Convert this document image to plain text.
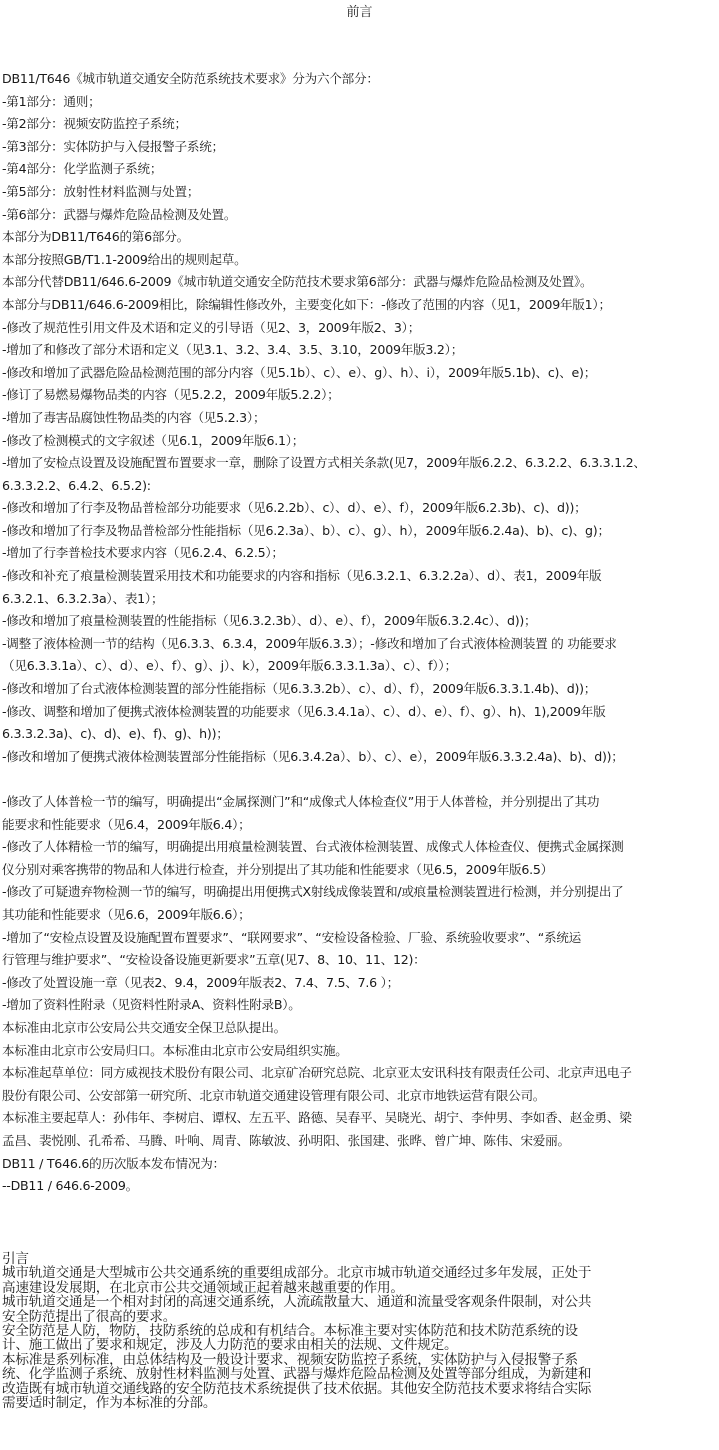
前言
DB11/T646《城市轨道交通安全防范系统技术要求》分为六个部分：
-第1部分：通则；
-第2部分：视频安防监控子系统；
-第3部分：实体防护与入侵报警子系统；
-第4部分：化学监测子系统；
-第5部分：放射性材料监测与处置；
-第6部分：武器与爆炸危险品检测及处置。
本部分为DB11/T646的第6部分。
本部分按照GB/T1.1-2009给出的规则起草。
本部分代替DB11/646.6-2009《城市轨道交通安全防范技术要求第6部分：武器与爆炸危险品检测及处置》。
本部分与DB11/646.6-2009相比，除编辑性修改外，主要变化如下：-修改了范围的内容（见1，2009年版1）；
-修改了规范性引用文件及术语和定义的引导语（见2、3，2009年版2、3）；
-增加了和修改了部分术语和定义（见3.1、3.2、3.4、3.5、3.10，2009年版3.2）；
-修改和增加了武器危险品检测范围的部分内容（见5.1b）、c）、e）、g）、h）、i），2009年版5.1b)、c)、e)；
-修订了易燃易爆物品类的内容（见5.2.2，2009年版5.2.2）；
-增加了毒害品腐蚀性物品类的内容（见5.2.3）；
-修改了检测模式的文字叙述（见6.1，2009年版6.1）；
-增加了安检点设置及设施配置布置要求一章，删除了设置方式相关条款(见7，2009年版6.2.2、6.3.2.2、6.3.3.1.2、
6.3.3.2.2、6.4.2、6.5.2):
-修改和增加了行李及物品普检部分功能要求（见6.2.2b）、c）、d）、e）、f），2009年版6.2.3b)、c)、d))；
-修改和增加了行李及物品普检部分性能指标（见6.2.3a）、b）、c）、g）、h），2009年版6.2.4a)、b)、c)、g)；
-增加了行李普检技术要求内容（见6.2.4、6.2.5）；
-修改和补充了痕量检测装置采用技术和功能要求的内容和指标（见6.3.2.1、6.3.2.2a）、d）、表1，2009年版
6.3.2.1、6.3.2.3a）、表1）；
-修改和增加了痕量检测装置的性能指标（见6.3.2.3b）、d）、e）、f），2009年版6.3.2.4c）、d))；
-调整了液体检测一节的结构（见6.3.3、6.3.4，2009年版6.3.3）；-修改和增加了台式液体检测装置 的 功能要求
（见6.3.3.1a）、c）、d）、e）、f）、g）、j）、k），2009年版6.3.3.1.3a）、c）、f））；
-修改和增加了台式液体检测装置的部分性能指标（见6.3.3.2b）、c）、d）、f），2009年版6.3.3.1.4b)、d))；
-修改、调整和增加了便携式液体检测装置的功能要求（见6.3.4.1a）、c）、d）、e）、f）、g）、h)、1),2009年版
6.3.3.2.3a)、c)、d)、e)、f)、g)、h))；
-修改和增加了便携式液体检测装置部分性能指标（见6.3.4.2a）、b）、c）、e），2009年版6.3.3.2.4a)、b)、d))；
-修改了人体普检一节的编写，明确提出“金属探测门”和“成像式人体检查仪”用于人体普检，并分别提出了其功
能要求和性能要求（见6.4，2009年版6.4）；
-修改了人体精检一节的编写，明确提出用痕量检测装置、台式液体检测装置、成像式人体检查仪、便携式金属探测
仪分别对乘客携带的物品和人体进行检查，并分别提出了其功能和性能要求（见6.5，2009年版6.5）
-修改了可疑遗弃物检测一节的编写，明确提出用便携式X射线成像装置和/或痕量检测装置进行检测，并分别提出了
其功能和性能要求（见6.6，2009年版6.6）；
-增加了“安检点设置及设施配置布置要求”、“联网要求”、“安检设备检验、厂验、系统验收要求”、“系统运
行管理与维护要求”、“安检设备设施更新要求”五章(见7、8、10、11、12)：
-修改了处置设施一章（见表2、9.4，2009年版表2、7.4、7.5、7.6 ）；
-增加了资料性附录（见资料性附录A、资料性附录B）。
本标准由北京市公安局公共交通安全保卫总队提出。
本标准由北京市公安局归口。本标准由北京市公安局组织实施。
本标准起草单位：同方威视技术股份有限公司、北京矿冶研究总院、北京亚太安讯科技有限责任公司、北京声迅电子
股份有限公司、公安部第一研究所、北京市轨道交通建设管理有限公司、北京市地铁运营有限公司。
本标准主要起草人：孙伟年、李树启、谭权、左五平、路德、吴春平、吴晓光、胡宁、李仲男、李如香、赵金勇、梁
孟昌、裴悦刚、孔希希、马腾、叶响、周青、陈敏波、孙明阳、张国建、张晔、曾广坤、陈伟、宋爱丽。
DB11 / T646.6的历次版本发布情况为：
--DB11 / 646.6-2009。
引言
城市轨道交通是大型城市公共交通系统的重要组成部分。北京市城市轨道交通经过多年发展，正处于
高速建设发展期，在北京市公共交通领域正起着越来越重要的作用。
城市轨道交通是一个相对封闭的高速交通系统，人流疏散量大、通道和流量受客观条件限制，对公共
安全防范提出了很高的要求。
安全防范是人防，物防，技防系统的总成和有机结合。本标准主要对实体防范和技术防范系统的设
计、施工做出了要求和规定，涉及人力防范的要求由相关的法规、文件规定。
本标准是系列标准，由总体结构及一般设计要求、视频安防监控子系统，实体防护与入侵报警子系
统、化学监测子系统、放射性材料监测与处置、武器与爆炸危险品检测及处置等部分组成，为新建和
改造既有城市轨道交通线路的安全防范技术系统提供了技术依据。其他安全防范技术要求将结合实际
需要适时制定，作为本标准的分部。
